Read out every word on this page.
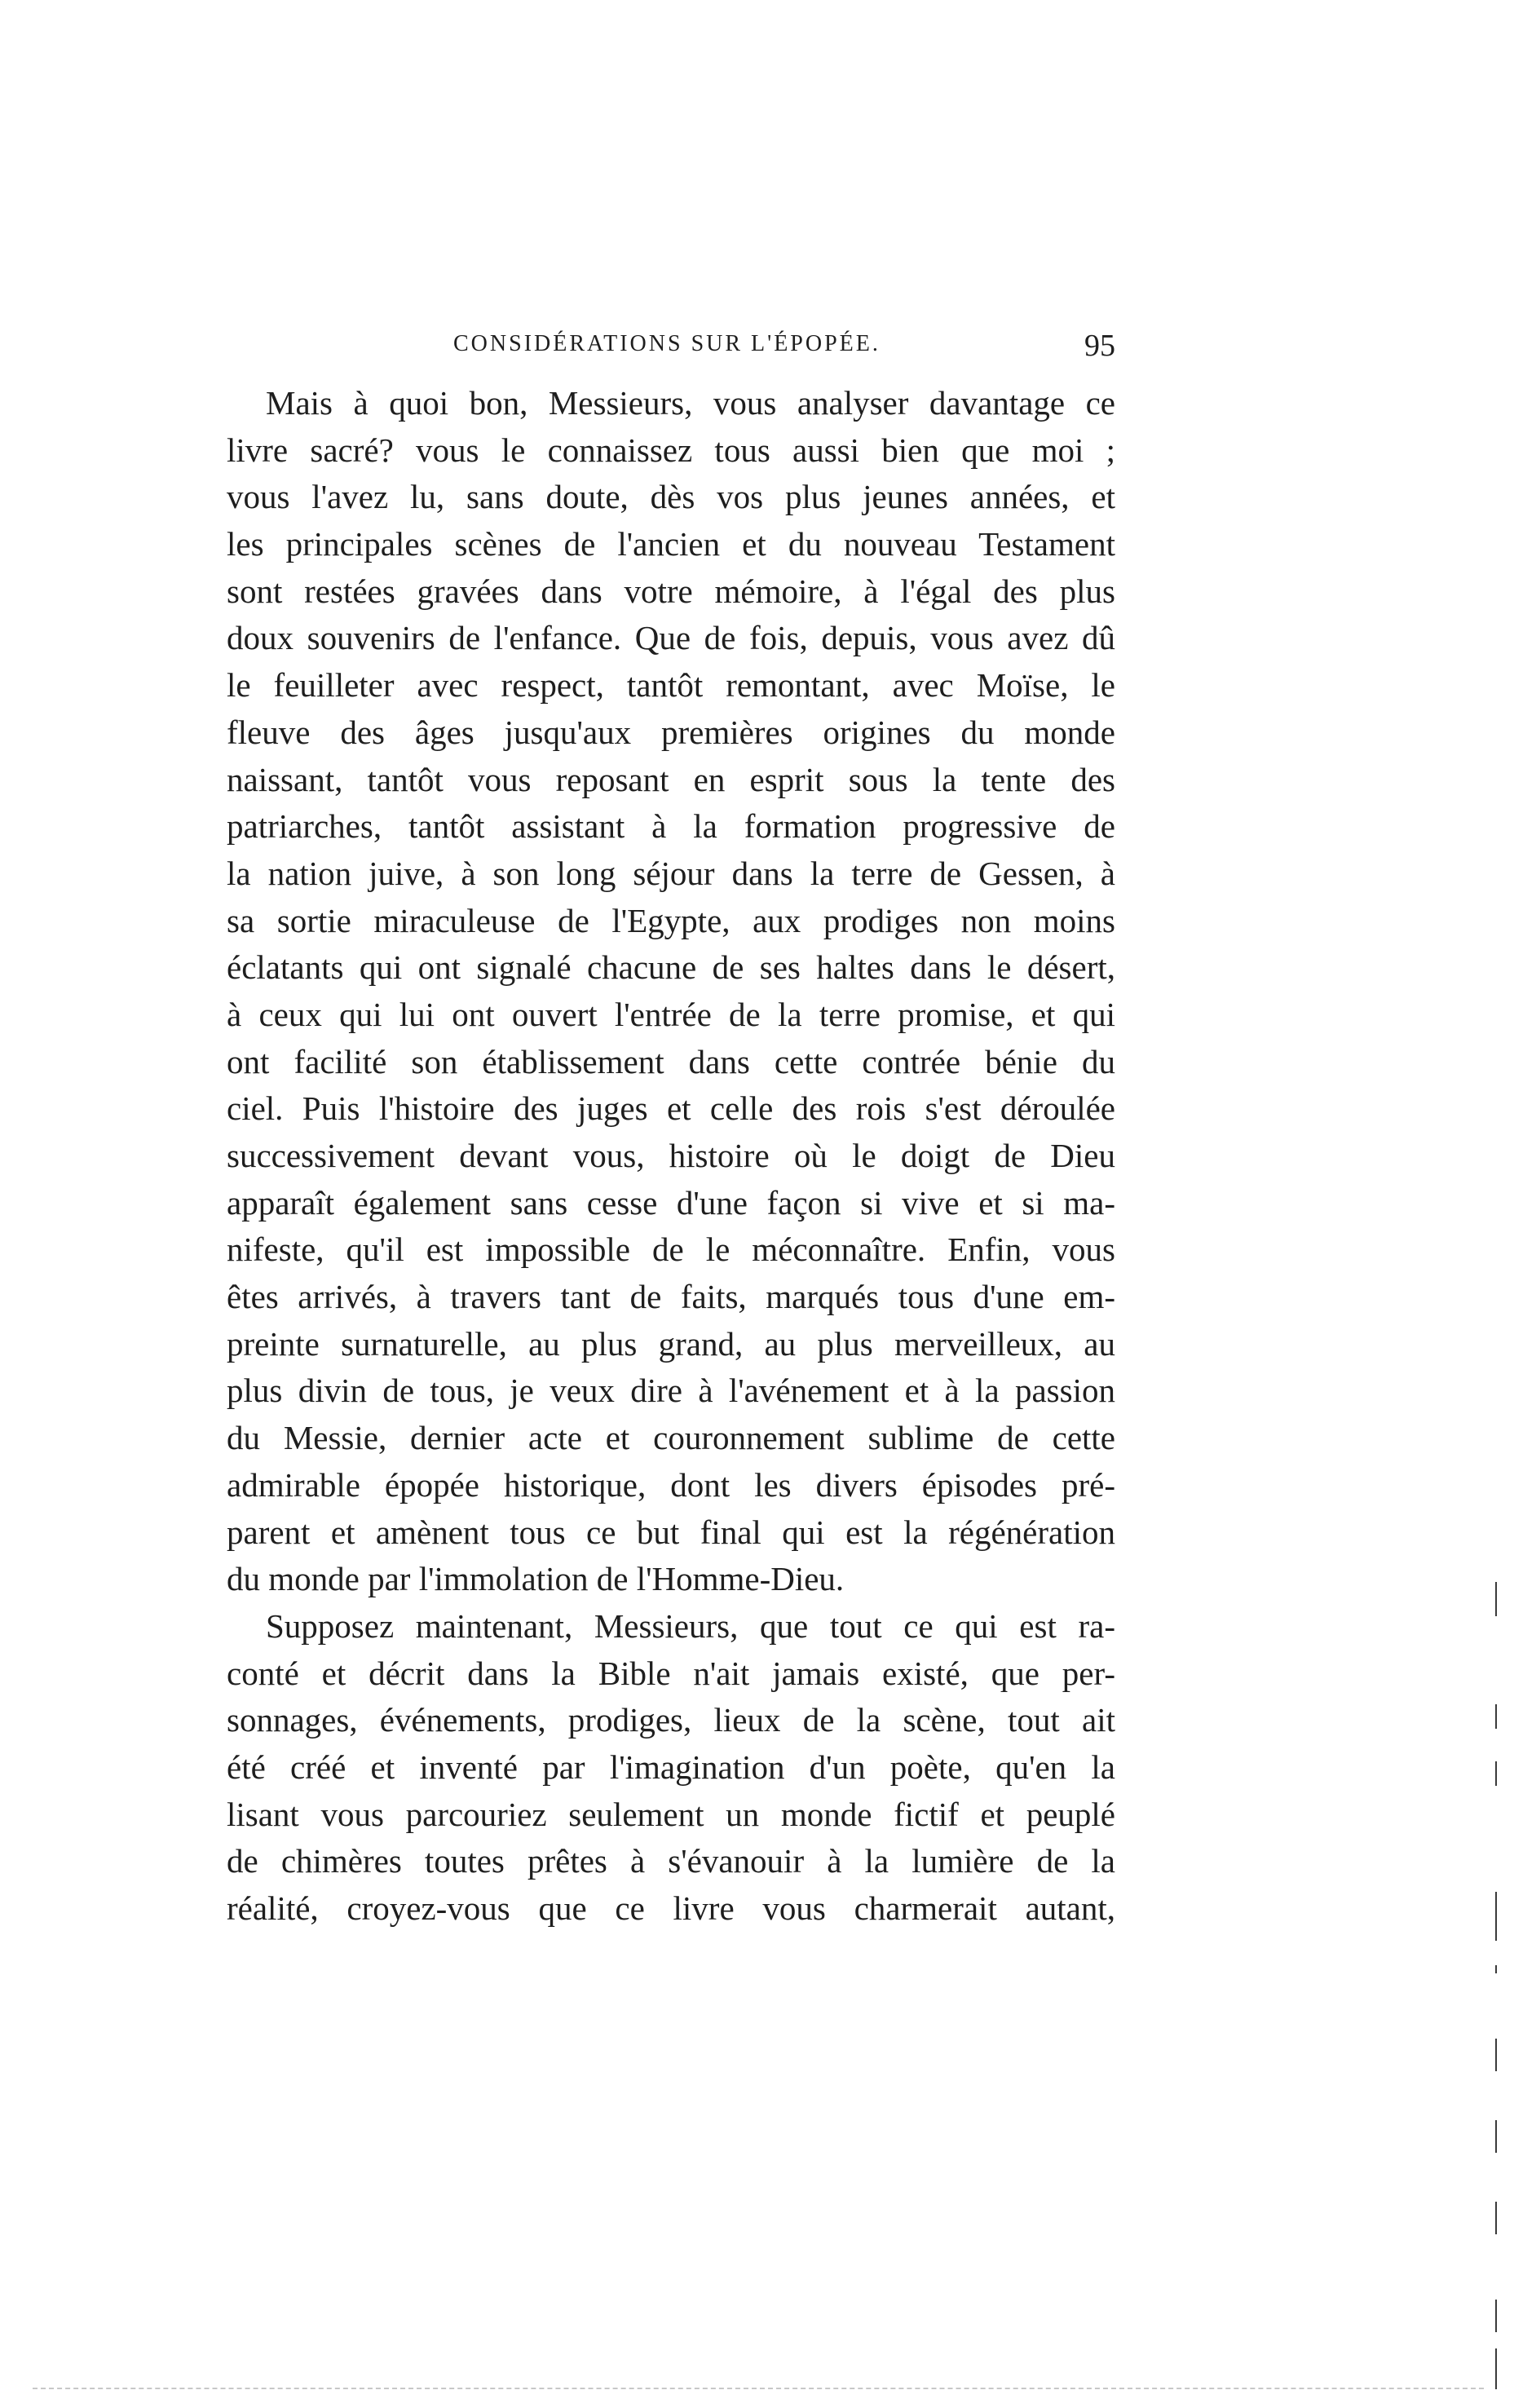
CONSIDÉRATIONS SUR L'ÉPOPÉE.	95
Mais à quoi bon, Messieurs, vous analyser davantage ce
livre sacré? vous le connaissez tous aussi bien que moi ;
vous l'avez lu, sans doute, dès vos plus jeunes années, et
les principales scènes de l'ancien et du nouveau Testament
sont restées gravées dans votre mémoire, à l'égal des plus
doux souvenirs de l'enfance. Que de fois, depuis, vous avez dû
le feuilleter avec respect, tantôt remontant, avec Moïse, le
fleuve des âges jusqu'aux premières origines du monde
naissant, tantôt vous reposant en esprit sous la tente des
patriarches, tantôt assistant à la formation progressive de
la nation juive, à son long séjour dans la terre de Gessen, à
sa sortie miraculeuse de l'Egypte, aux prodiges non moins
éclatants qui ont signalé chacune de ses haltes dans le désert,
à ceux qui lui ont ouvert l'entrée de la terre promise, et qui
ont facilité son établissement dans cette contrée bénie du
ciel. Puis l'histoire des juges et celle des rois s'est déroulée
successivement devant vous, histoire où le doigt de Dieu
apparaît également sans cesse d'une façon si vive et si ma-
nifeste, qu'il est impossible de le méconnaître. Enfin, vous
êtes arrivés, à travers tant de faits, marqués tous d'une em-
preinte surnaturelle, au plus grand, au plus merveilleux, au
plus divin de tous, je veux dire à l'avénement et à la passion
du Messie, dernier acte et couronnement sublime de cette
admirable épopée historique, dont les divers épisodes pré-
parent et amènent tous ce but final qui est la régénération
du monde par l'immolation de l'Homme-Dieu.
Supposez maintenant, Messieurs, que tout ce qui est ra-
conté et décrit dans la Bible n'ait jamais existé, que per-
sonnages, événements, prodiges, lieux de la scène, tout ait
été créé et inventé par l'imagination d'un poète, qu'en la
lisant vous parcouriez seulement un monde fictif et peuplé
de chimères toutes prêtes à s'évanouir à la lumière de la
réalité, croyez-vous que ce livre vous charmerait autant,
